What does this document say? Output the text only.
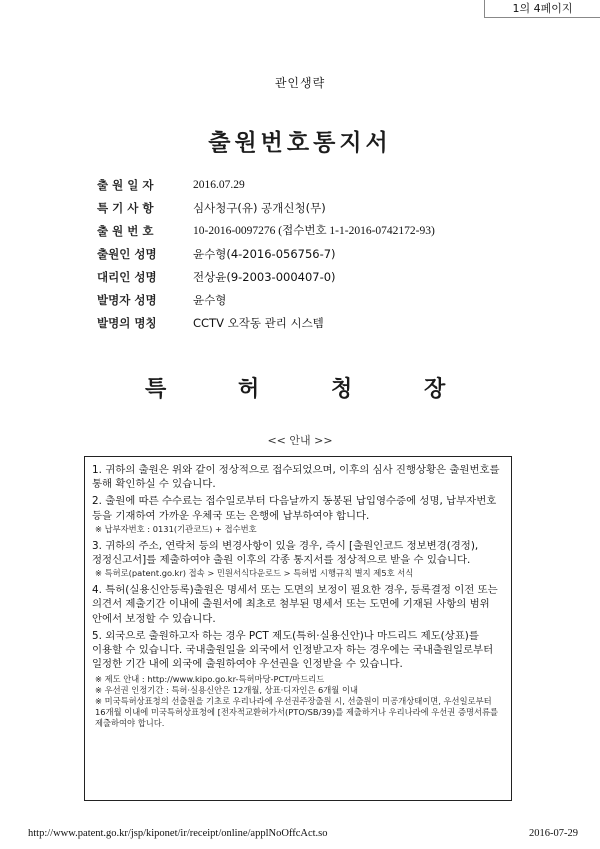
1의 4페이지
관인생략
출원번호통지서
출 원 일 자	2016.07.29
특 기 사 항	심사청구(유) 공개신청(무)
출 원 번 호	10-2016-0097276 (접수번호 1-1-2016-0742172-93)
출원인 성명	윤수형(4-2016-056756-7)
대리인 성명	전상윤(9-2003-000407-0)
발명자 성명	윤수형
발명의 명칭	CCTV 오작동 관리 시스템
특	허	청	장
<< 안내 >>
1. 귀하의 출원은 위와 같이 정상적으로 접수되었으며, 이후의 심사 진행상황은 출원번호를 통해 확인하실 수 있습니다.
2. 출원에 따른 수수료는 접수일로부터 다음날까지 동봉된 납입영수증에 성명, 납부자번호 등을 기재하여 가까운 우체국 또는 은행에 납부하여야 합니다.
※ 납부자번호 : 0131(기관코드) + 접수번호
3. 귀하의 주소, 연락처 등의 변경사항이 있을 경우, 즉시 [출원인코드 정보변경(경정), 정정신고서]를 제출하여야 출원 이후의 각종 통지서를 정상적으로 받을 수 있습니다.
※ 특허로(patent.go.kr) 접속 > 민원서식다운로드 > 특허법 시행규칙 별지 제5호 서식
4. 특허(실용신안등록)출원은 명세서 또는 도면의 보정이 필요한 경우, 등록결정 이전 또는 의견서 제출기간 이내에 출원서에 최초로 첨부된 명세서 또는 도면에 기재된 사항의 범위 안에서 보정할 수 있습니다.
5. 외국으로 출원하고자 하는 경우 PCT 제도(특허·실용신안)나 마드리드 제도(상표)를 이용할 수 있습니다. 국내출원일을 외국에서 인정받고자 하는 경우에는 국내출원일로부터 일정한 기간 내에 외국에 출원하여야 우선권을 인정받을 수 있습니다.
※ 제도 안내 : http://www.kipo.go.kr-특허마당-PCT/마드리드
※ 우선권 인정기간 : 특허·실용신안은 12개월, 상표·디자인은 6개월 이내
※ 미국특허상표청의 선출원을 기초로 우리나라에 우선권주장출원 시, 선출원이 미공개상태이면, 우선일로부터 16개월 이내에 미국특허상표청에 [전자적교환허가서(PTO/SB/39)를 제출하거나 우리나라에 우선권 증명서류를 제출하여야 합니다.
http://www.patent.go.kr/jsp/kiponet/ir/receipt/online/applNoOffcAct.so	2016-07-29
